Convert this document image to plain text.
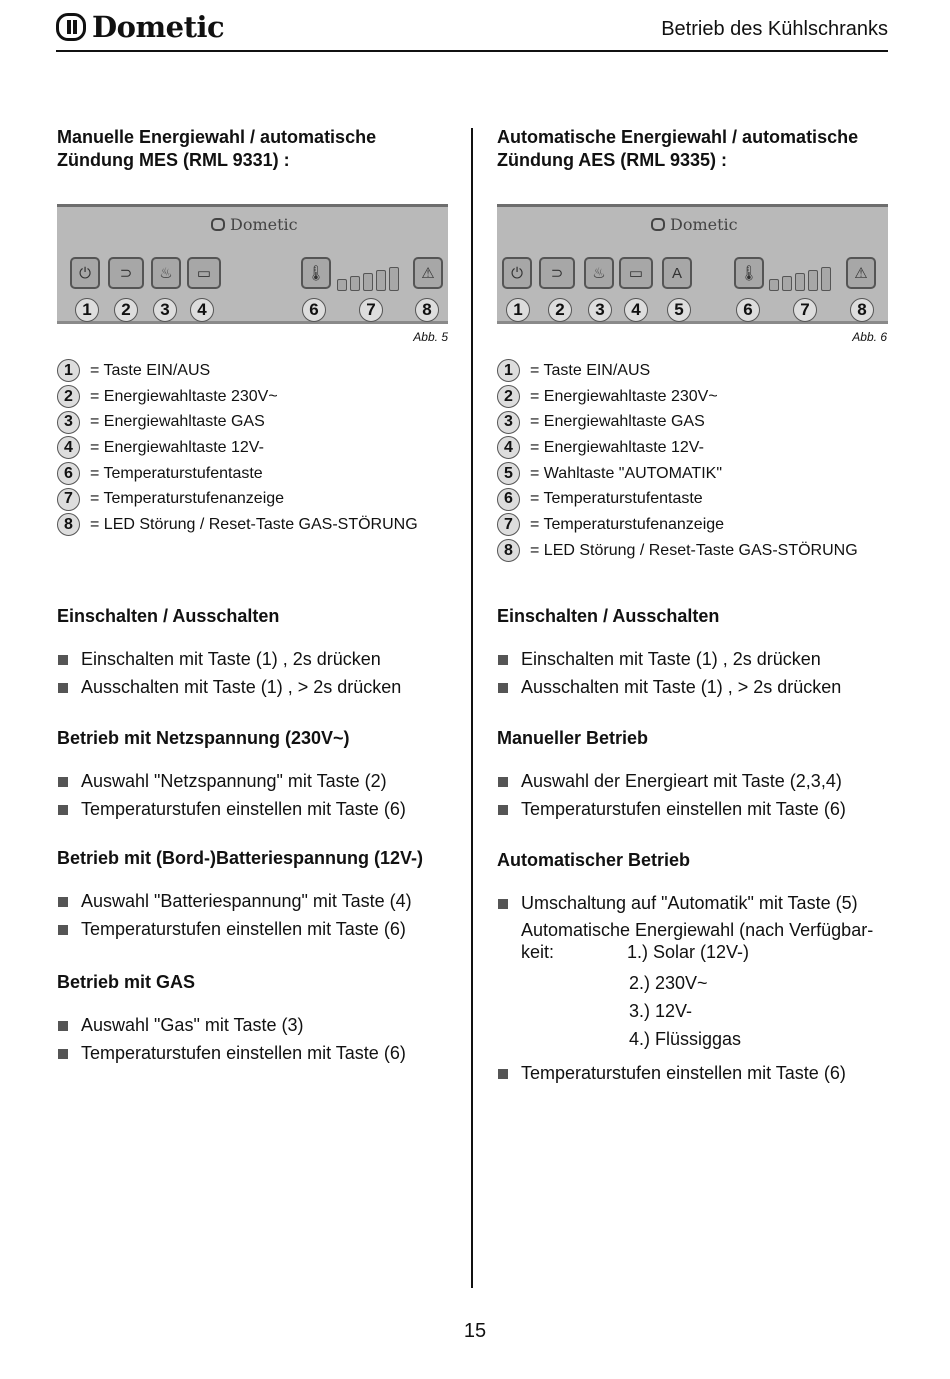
Dometic	Betrieb des Kühlschranks

Manuelle Energiewahl / automatische
Zündung MES (RML 9331) :

Dometic
⏻	⊃	♨	▭	🌡	⚠
1	2	3	4	6	7	8
Abb. 5
1	= Taste EIN/AUS
2	= Energiewahltaste 230V~
3	= Energiewahltaste GAS
4	= Energiewahltaste 12V-
6	= Temperaturstufentaste
7	= Temperaturstufenanzeige
8	= LED Störung / Reset-Taste GAS-STÖRUNG

Einschalten / Ausschalten

Einschalten mit Taste (1) , 2s drücken
Ausschalten mit Taste (1) , > 2s drücken

Betrieb mit Netzspannung (230V~)

Auswahl "Netzspannung" mit Taste (2)
Temperaturstufen einstellen mit Taste (6)

Betrieb mit (Bord-)Batteriespannung (12V-)

Auswahl "Batteriespannung" mit Taste (4)
Temperaturstufen einstellen mit Taste (6)

Betrieb mit GAS

Auswahl "Gas" mit Taste (3)
Temperaturstufen einstellen mit Taste (6)

Automatische Energiewahl / automatische
Zündung AES (RML 9335) :

Dometic
⏻	⊃	♨	▭	A	🌡	⚠
1	2	3	4	5	6	7	8
Abb. 6
1	= Taste EIN/AUS
2	= Energiewahltaste 230V~
3	= Energiewahltaste GAS
4	= Energiewahltaste 12V-
5	= Wahltaste "AUTOMATIK"
6	= Temperaturstufentaste
7	= Temperaturstufenanzeige
8	= LED Störung / Reset-Taste GAS-STÖRUNG

Einschalten / Ausschalten

Einschalten mit Taste (1) , 2s drücken
Ausschalten mit Taste (1) , > 2s drücken

Manueller Betrieb

Auswahl der Energieart mit Taste (2,3,4)
Temperaturstufen einstellen mit Taste (6)

Automatischer Betrieb

Umschaltung auf "Automatik" mit Taste (5)
Automatische Energiewahl (nach Verfügbar-
keit:	1.) Solar (12V-)
2.) 230V~
3.) 12V-
4.) Flüssiggas
Temperaturstufen einstellen mit Taste (6)
15
